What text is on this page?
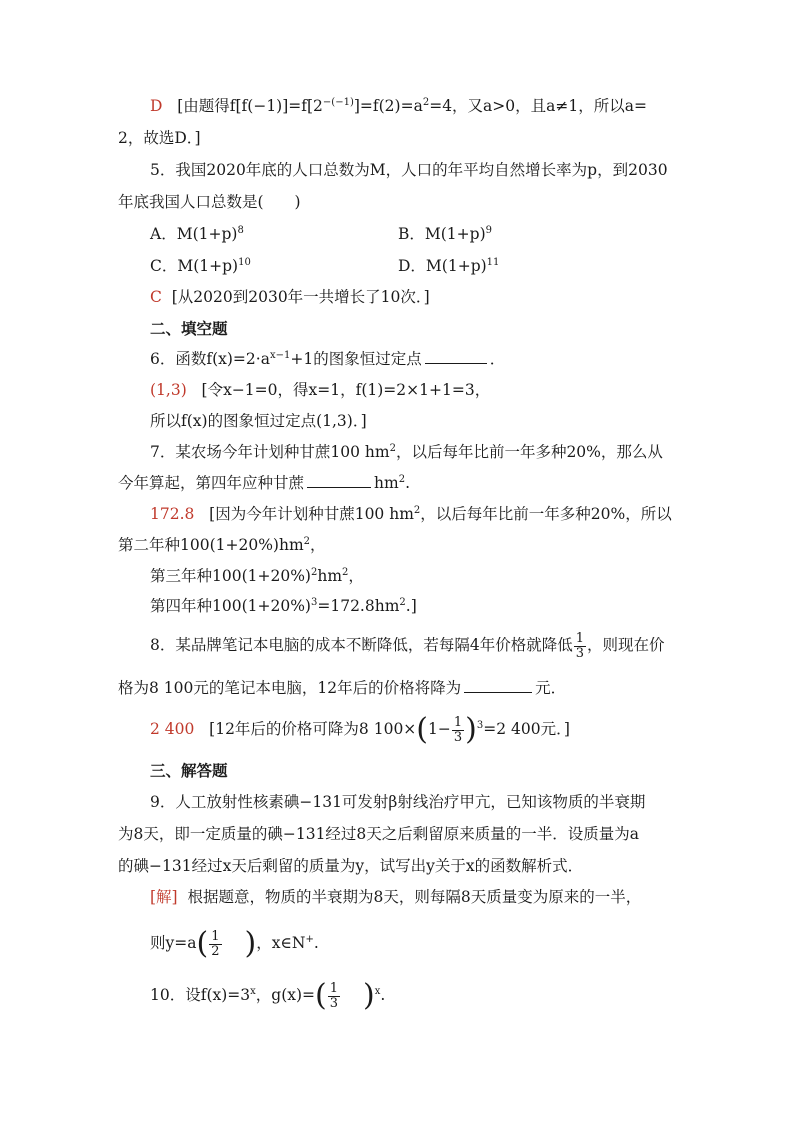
D [由题得$f[f(-1)]=f[2^{-(-1)}]=f(2)=a^2=4$，又a>0，且a≠1，所以a=
2，故选D．]
5．我国2020年底的人口总数为M，人口的年平均自然增长率为p，到2030
年底我国人口总数是(　　)
A．$M(1+p)^8$	B．$M(1+p)^9$
C．$M(1+p)^{10}$	D．$M(1+p)^{11}$
C [从2020到2030年一共增长了10次．]
二、填空题
6．函数$f(x)=2\cdot a^{x-1}+1$的图象恒过定点	．
(1,3) [令x−1=0，得x=1，f(1)=2×1+1=3，
所以f(x)的图象恒过定点(1,3)．]
7．某农场今年计划种甘蔗100 $hm^2$，以后每年比前一年多种20%，那么从
今年算起，第四年应种甘蔗	$hm^2$.
172.8 [因为今年计划种甘蔗100 $hm^2$，以后每年比前一年多种20%，所以
第二年种$100(1+20\%)hm^2$，
第三年种$100(1+20\%)^2hm^2$，
第四年种$100(1+20\%)^3=172.8hm^2$.]
8．某品牌笔记本电脑的成本不断降低，若每隔4年价格就降低 $\frac{1}{3}$ ，则现在价
格为8 100元的笔记本电脑，12年后的价格将降为	元．
2 400 [12年后的价格可降为8 $100\times(1- \frac{1}{3} )^3=2$ 400元．]
三、解答题
9．人工放射性核素碘−131可发射β射线治疗甲亢，已知该物质的半衰期
为8天，即一定质量的碘−131经过8天之后剩留原来质量的一半．设质量为a
的碘−131经过x天后剩留的质量为y，试写出y关于x的函数解析式．
[解] 根据题意，物质的半衰期为8天，则每隔8天质量变为原来的一半，
则$y=a( \frac{1}{2}$ )，x∈N+.
10．设$f(x)=3^x$，$g(x)=( \frac{1}{3} )^x$.
